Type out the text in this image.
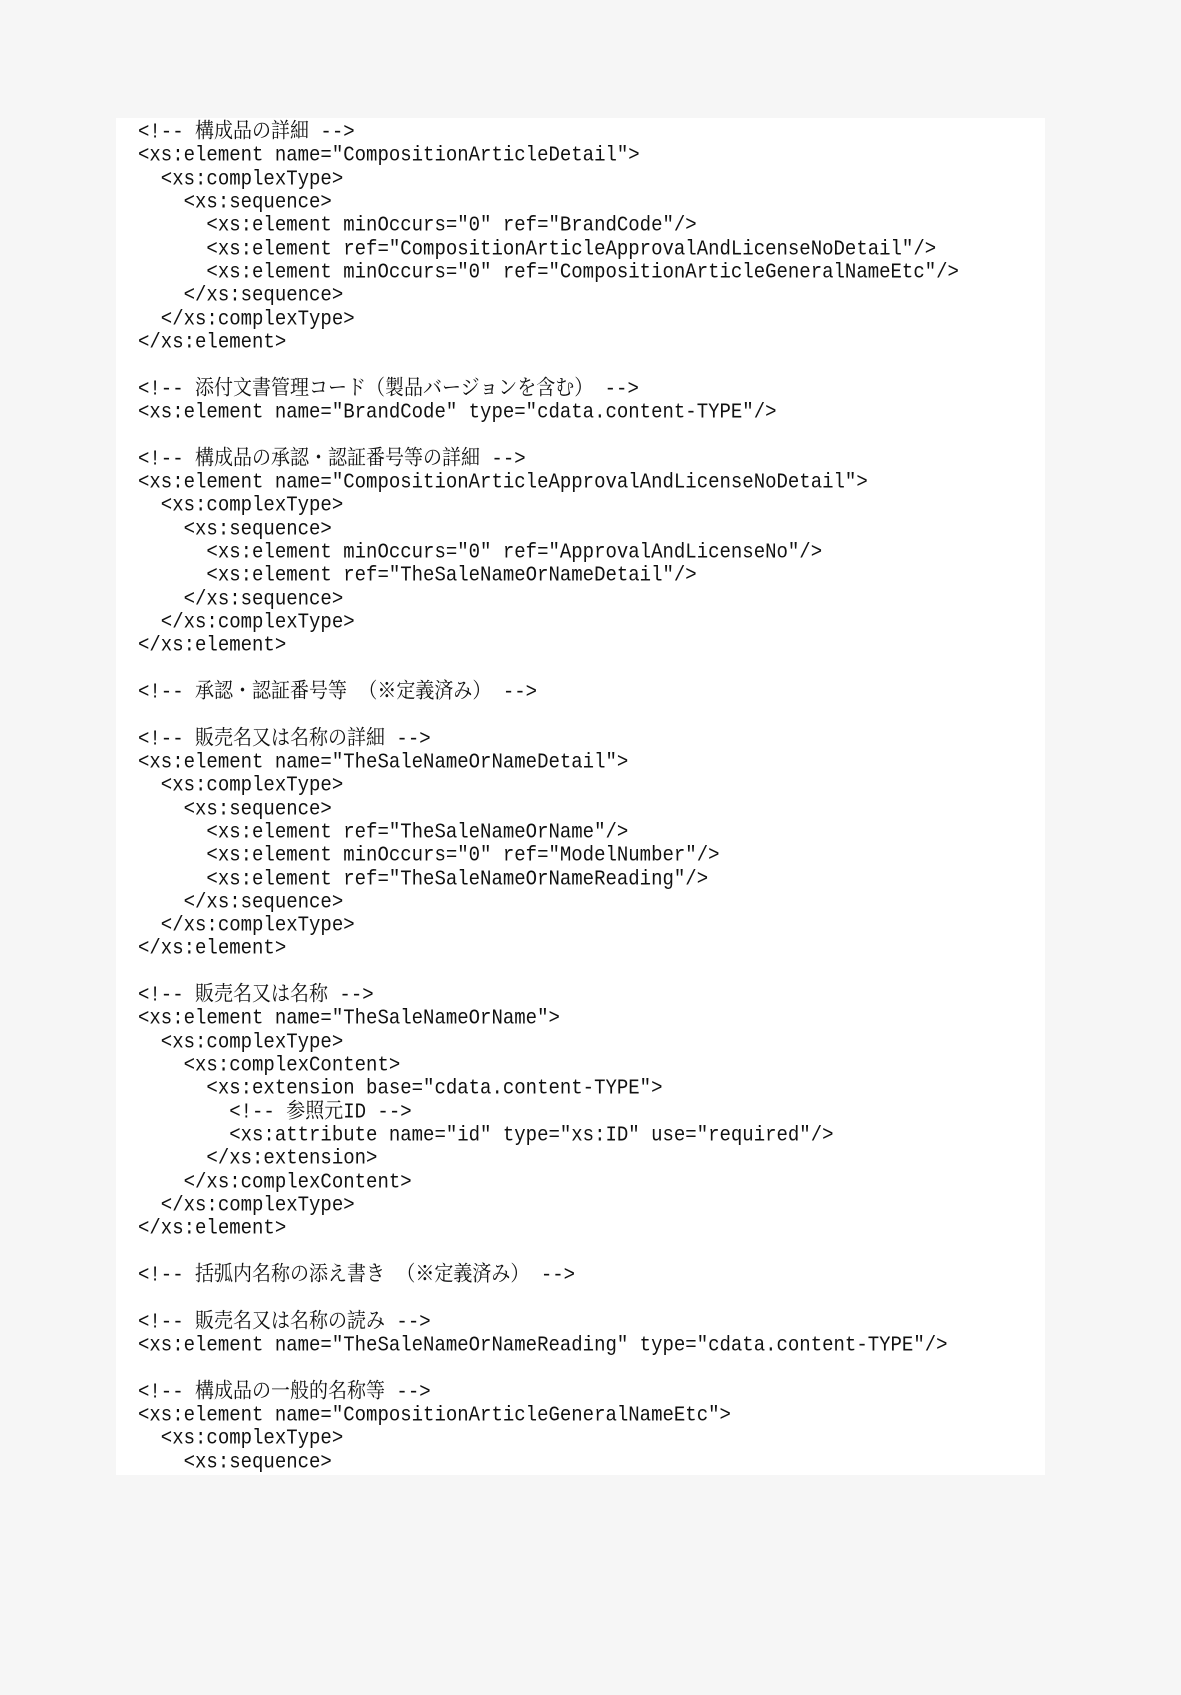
<!-- 構成品の詳細 -->
<xs:element name="CompositionArticleDetail">
<xs:complexType>
<xs:sequence>
<xs:element minOccurs="0" ref="BrandCode"/>
<xs:element ref="CompositionArticleApprovalAndLicenseNoDetail"/>
<xs:element minOccurs="0" ref="CompositionArticleGeneralNameEtc"/>
</xs:sequence>
</xs:complexType>
</xs:element>
<!-- 添付文書管理コード（製品バージョンを含む） -->
<xs:element name="BrandCode" type="cdata.content-TYPE"/>
<!-- 構成品の承認・認証番号等の詳細 -->
<xs:element name="CompositionArticleApprovalAndLicenseNoDetail">
<xs:complexType>
<xs:sequence>
<xs:element minOccurs="0" ref="ApprovalAndLicenseNo"/>
<xs:element ref="TheSaleNameOrNameDetail"/>
</xs:sequence>
</xs:complexType>
</xs:element>
<!-- 承認・認証番号等 （※定義済み） -->
<!-- 販売名又は名称の詳細 -->
<xs:element name="TheSaleNameOrNameDetail">
<xs:complexType>
<xs:sequence>
<xs:element ref="TheSaleNameOrName"/>
<xs:element minOccurs="0" ref="ModelNumber"/>
<xs:element ref="TheSaleNameOrNameReading"/>
</xs:sequence>
</xs:complexType>
</xs:element>
<!-- 販売名又は名称 -->
<xs:element name="TheSaleNameOrName">
<xs:complexType>
<xs:complexContent>
<xs:extension base="cdata.content-TYPE">
<!-- 参照元ID -->
<xs:attribute name="id" type="xs:ID" use="required"/>
</xs:extension>
</xs:complexContent>
</xs:complexType>
</xs:element>
<!-- 括弧内名称の添え書き （※定義済み） -->
<!-- 販売名又は名称の読み -->
<xs:element name="TheSaleNameOrNameReading" type="cdata.content-TYPE"/>
<!-- 構成品の一般的名称等 -->
<xs:element name="CompositionArticleGeneralNameEtc">
<xs:complexType>
<xs:sequence>
